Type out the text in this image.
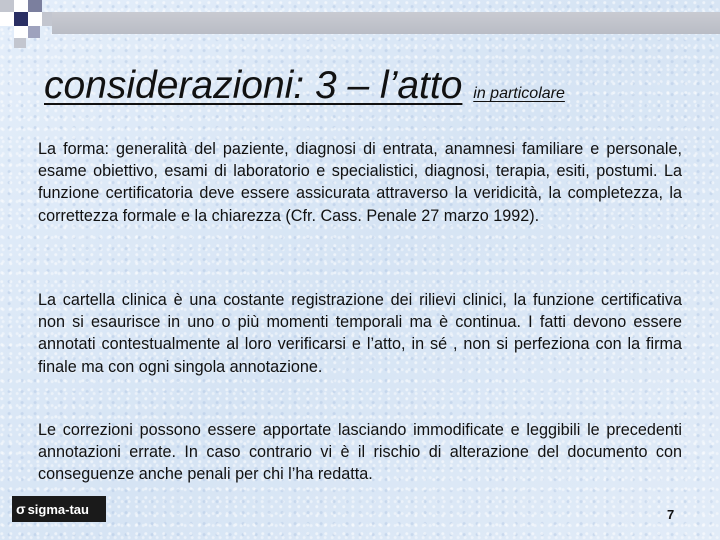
considerazioni: 3 – l’atto in particolare

La forma: generalità del paziente, diagnosi di entrata, anamnesi familiare e personale, esame obiettivo, esami di laboratorio e specialistici, diagnosi, terapia, esiti, postumi. La funzione certificatoria deve essere assicurata attraverso la veridicità, la completezza, la correttezza formale e la chiarezza (Cfr. Cass. Penale 27 marzo 1992).

La cartella clinica è una costante registrazione dei rilievi clinici, la funzione certificativa non si esaurisce in uno o più momenti temporali ma è continua. I fatti devono essere annotati contestualmente al loro verificarsi e l’atto, in sé , non si perfeziona con la firma finale ma con ogni singola annotazione.

Le correzioni possono essere apportate lasciando immodificate e leggibili le precedenti annotazioni errate. In caso contrario vi è il rischio di alterazione del documento con conseguenze anche penali per chi l’ha redatta.

σ sigma-tau	7
